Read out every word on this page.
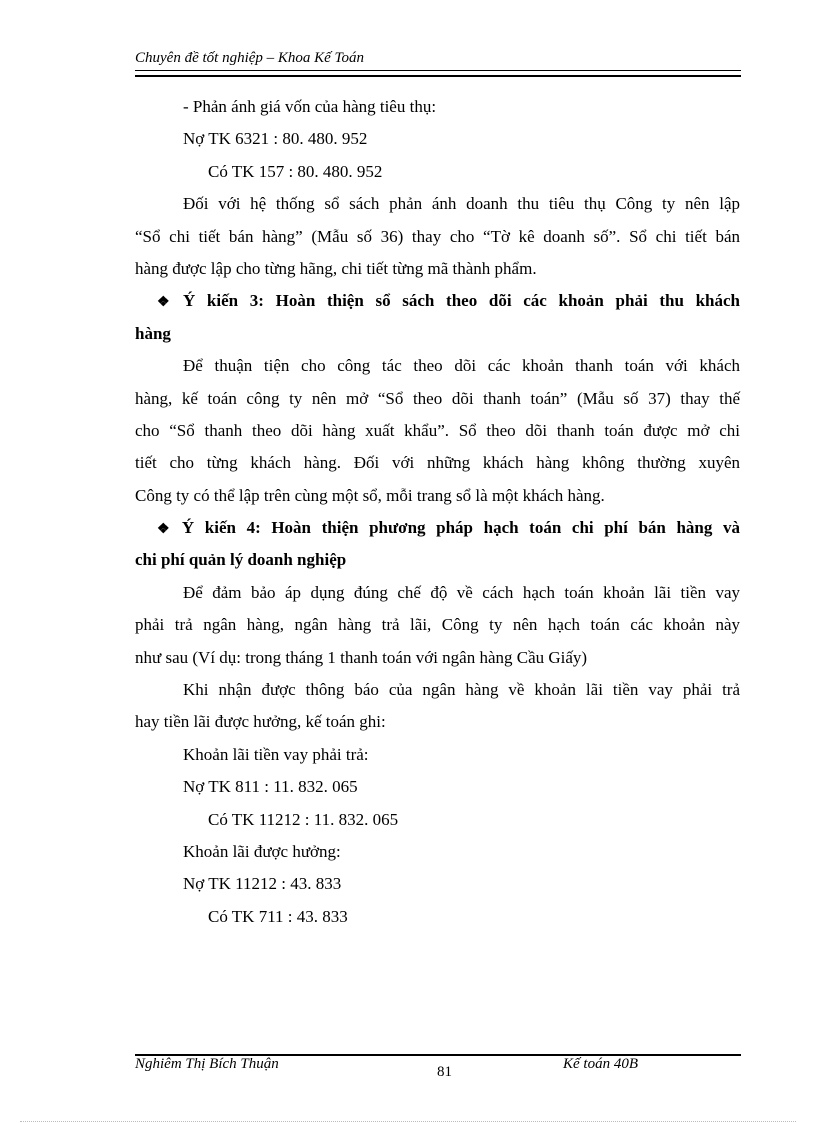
Chuyên đề tốt nghiệp – Khoa Kế Toán
- Phản ánh giá vốn của hàng tiêu thụ:
Nợ TK 6321 : 80. 480. 952
Có TK 157 : 80. 480. 952
Đối với hệ thống sổ sách phản ánh doanh thu tiêu thụ Công ty nên lập
“Sổ chi tiết bán hàng” (Mẫu số 36) thay cho “Tờ kê doanh số”. Sổ chi tiết bán
hàng được lập cho từng hãng, chi tiết từng mã thành phẩm.
❖ Ý kiến 3: Hoàn thiện sổ sách theo dõi các khoản phải thu khách
hàng
Để thuận tiện cho công tác theo dõi các khoản thanh toán với khách
hàng, kế toán công ty nên mở “Sổ theo dõi thanh toán” (Mẫu số 37) thay thế
cho “Sổ thanh theo dõi hàng xuất khẩu”. Sổ theo dõi thanh toán được mở chi
tiết cho từng khách hàng. Đối với những khách hàng không thường xuyên
Công ty có thể lập trên cùng một sổ, mỗi trang sổ là một khách hàng.
❖ Ý kiến 4: Hoàn thiện phương pháp hạch toán chi phí bán hàng và
chi phí quản lý doanh nghiệp
Để đảm bảo áp dụng đúng chế độ về cách hạch toán khoản lãi tiền vay
phải trả ngân hàng, ngân hàng trả lãi, Công ty nên hạch toán các khoản này
như sau (Ví dụ: trong tháng 1 thanh toán với ngân hàng Cầu Giấy)
Khi nhận được thông báo của ngân hàng về khoản lãi tiền vay phải trả
hay tiền lãi được hưởng, kế toán ghi:
Khoản lãi tiền vay phải trả:
Nợ TK 811 : 11. 832. 065
Có TK 11212 : 11. 832. 065
Khoản lãi được hưởng:
Nợ TK 11212 : 43. 833
Có TK 711 : 43. 833
Nghiêm Thị Bích Thuận	81	Kế toán 40B
